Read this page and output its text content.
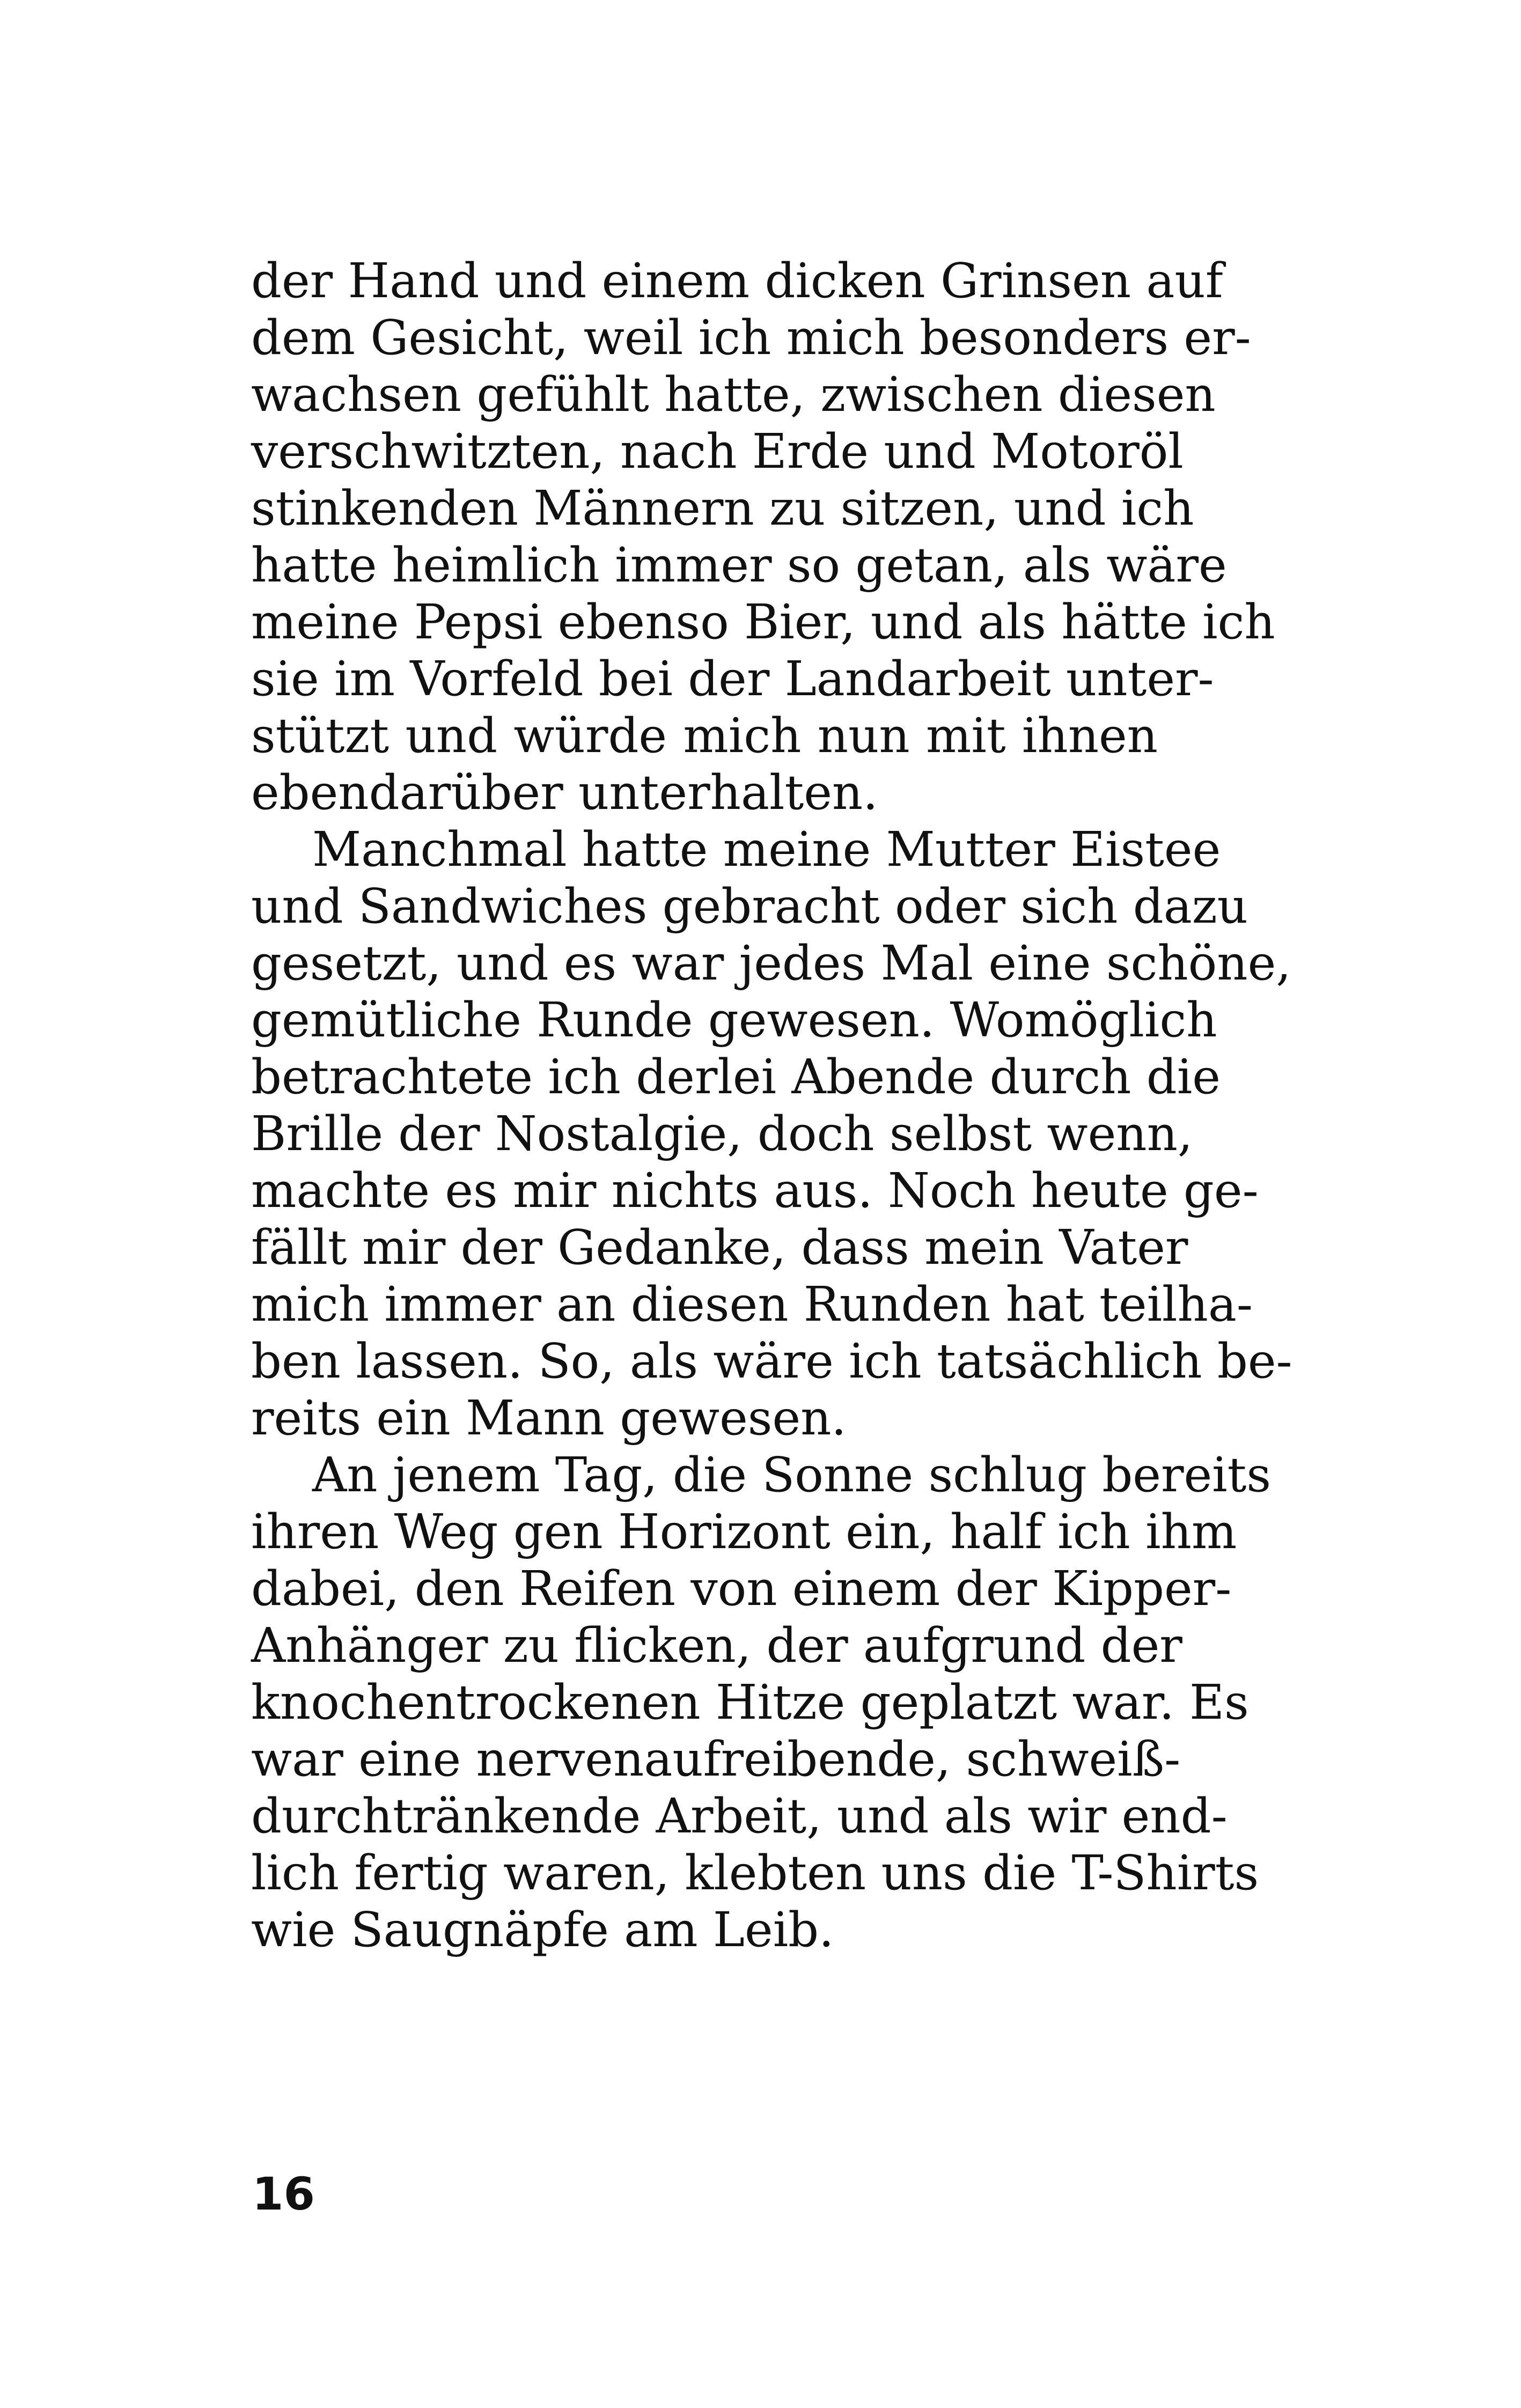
der Hand und einem dicken Grinsen auf
dem Gesicht, weil ich mich besonders er-
wachsen gefühlt hatte, zwischen diesen
verschwitzten, nach Erde und Motoröl
stinkenden Männern zu sitzen, und ich
hatte heimlich immer so getan, als wäre
meine Pepsi ebenso Bier, und als hätte ich
sie im Vorfeld bei der Landarbeit unter-
stützt und würde mich nun mit ihnen
ebendarüber unterhalten.
Manchmal hatte meine Mutter Eistee
und Sandwiches gebracht oder sich dazu
gesetzt, und es war jedes Mal eine schöne,
gemütliche Runde gewesen. Womöglich
betrachtete ich derlei Abende durch die
Brille der Nostalgie, doch selbst wenn,
machte es mir nichts aus. Noch heute ge-
fällt mir der Gedanke, dass mein Vater
mich immer an diesen Runden hat teilha-
ben lassen. So, als wäre ich tatsächlich be-
reits ein Mann gewesen.
An jenem Tag, die Sonne schlug bereits
ihren Weg gen Horizont ein, half ich ihm
dabei, den Reifen von einem der Kipper-
Anhänger zu flicken, der aufgrund der
knochentrockenen Hitze geplatzt war. Es
war eine nervenaufreibende, schweiß-
durchtränkende Arbeit, und als wir end-
lich fertig waren, klebten uns die T-Shirts
wie Saugnäpfe am Leib.
16
